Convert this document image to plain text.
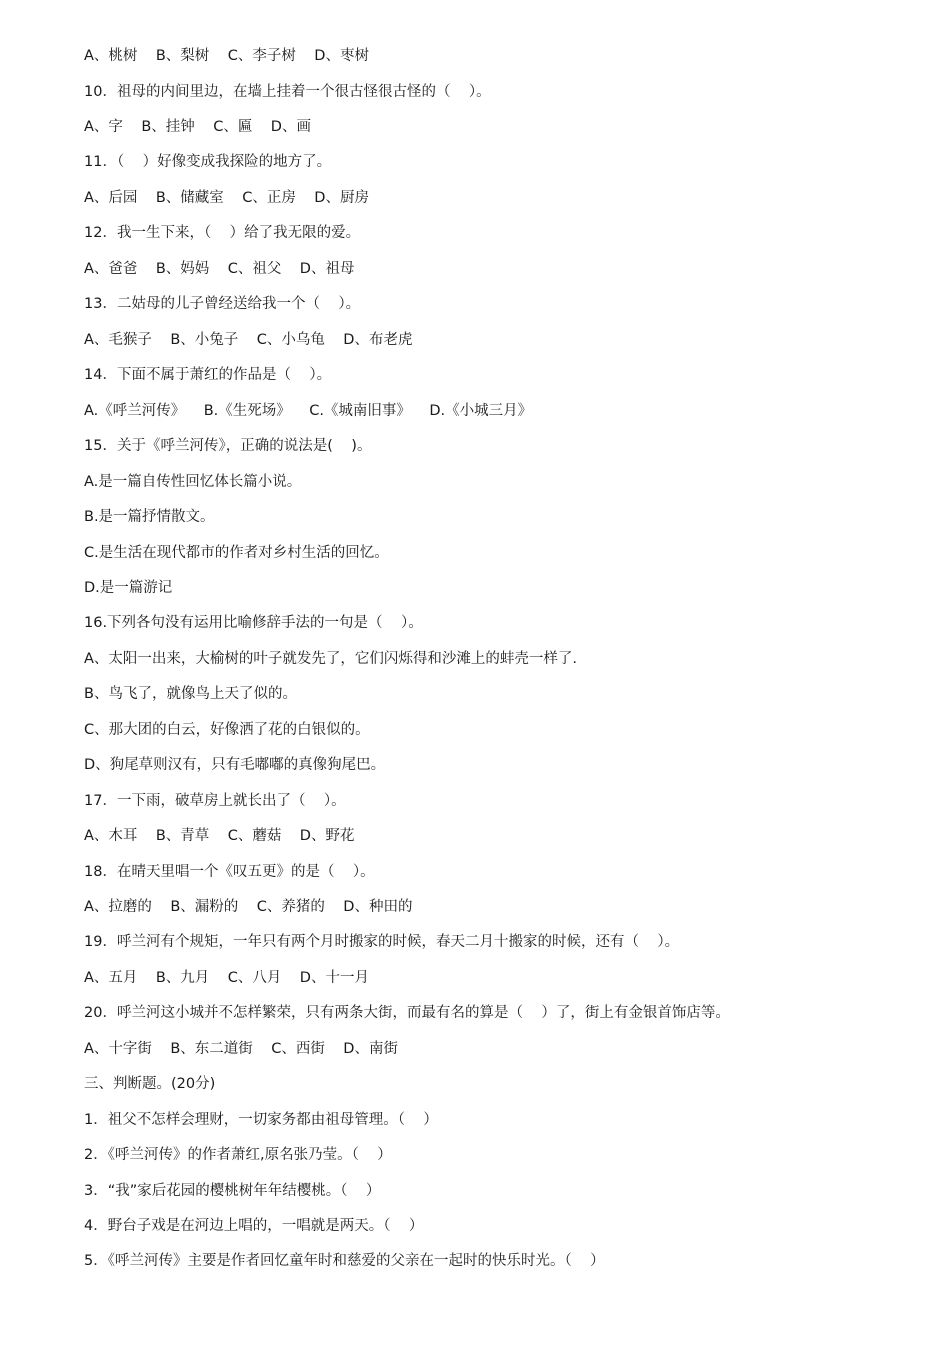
A、桃树    B、梨树    C、李子树    D、枣树
10．祖母的内间里边，在墙上挂着一个很古怪很古怪的（    ）。
A、字    B、挂钟    C、匾    D、画
11．（    ）好像变成我探险的地方了。
A、后园    B、储藏室    C、正房    D、厨房
12．我一生下来，（    ）给了我无限的爱。
A、爸爸    B、妈妈    C、祖父    D、祖母
13．二姑母的儿子曾经送给我一个（    ）。
A、毛猴子    B、小兔子    C、小乌龟    D、布老虎
14．下面不属于萧红的作品是（    ）。
A.《呼兰河传》    B.《生死场》    C.《城南旧事》    D.《小城三月》
15．关于《呼兰河传》，正确的说法是(    )。
A.是一篇自传性回忆体长篇小说。
B.是一篇抒情散文。
C.是生活在现代都市的作者对乡村生活的回忆。
D.是一篇游记
16.下列各句没有运用比喻修辞手法的一句是（    ）。
A、太阳一出来，大榆树的叶子就发先了，它们闪烁得和沙滩上的蚌壳一样了.
B、鸟飞了，就像鸟上天了似的。
C、那大团的白云，好像洒了花的白银似的。
D、狗尾草则汉有，只有毛嘟嘟的真像狗尾巴。
17．一下雨，破草房上就长出了（    ）。
A、木耳    B、青草    C、蘑菇    D、野花
18．在晴天里唱一个《叹五更》的是（    ）。
A、拉磨的    B、漏粉的    C、养猪的    D、种田的
19．呼兰河有个规矩，一年只有两个月时搬家的时候，春天二月十搬家的时候，还有（    ）。
A、五月    B、九月    C、八月    D、十一月
20．呼兰河这小城并不怎样繁荣，只有两条大街，而最有名的算是（    ）了，街上有金银首饰店等。
A、十字街    B、东二道街    C、西街    D、南街
三、判断题。(20分)
1．祖父不怎样会理财，一切家务都由祖母管理。（    ）
2．《呼兰河传》的作者萧红,原名张乃莹。（    ）
3．“我”家后花园的樱桃树年年结樱桃。（    ）
4．野台子戏是在河边上唱的，一唱就是两天。（    ）
5．《呼兰河传》主要是作者回忆童年时和慈爱的父亲在一起时的快乐时光。（    ）
